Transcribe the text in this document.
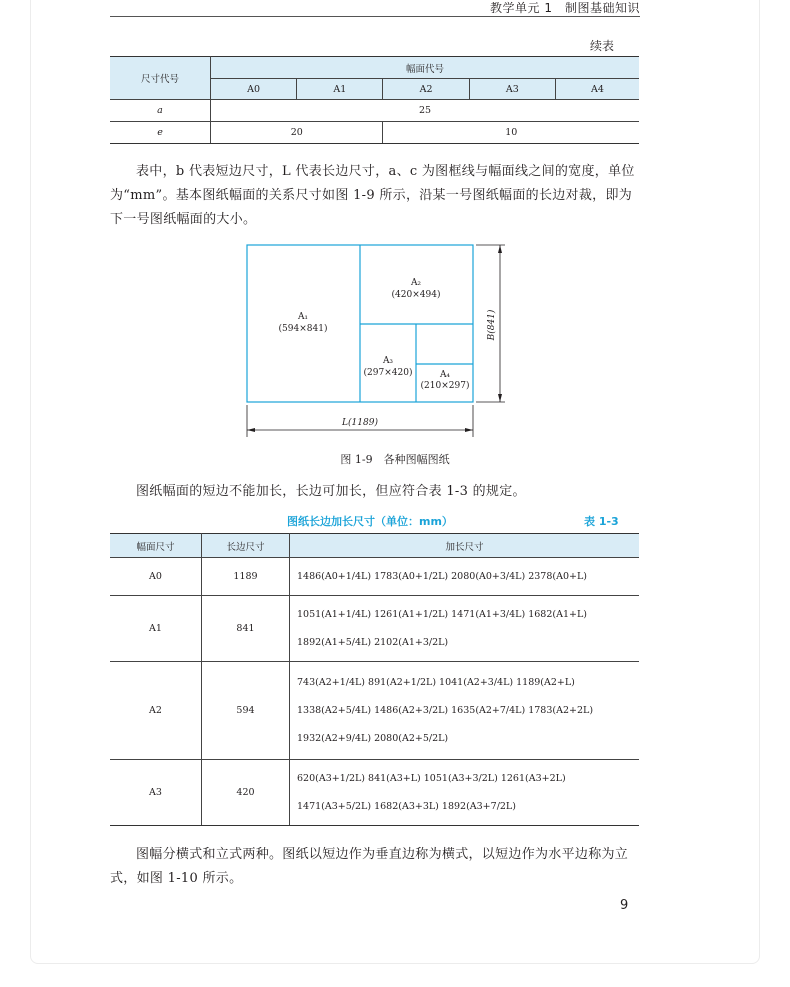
教学单元 1　制图基础知识
续表
尺寸代号	幅面代号				
	A0	A1	A2	A3	A4
a	25				
e	20		10		

表中，b 代表短边尺寸，L 代表长边尺寸，a、c 为图框线与幅面线之间的宽度，单位为“mm”。基本图纸幅面的关系尺寸如图 1-9 所示，沿某一号图纸幅面的长边对裁，即为下一号图纸幅面的大小。

A₁
(594×841)
A₂
(420×494)
A₃
(297×420)	A₄
(210×297)
L(1189)
B(841)
图 1-9　各种图幅图纸

图纸幅面的短边不能加长，长边可加长，但应符合表 1-3 的规定。

图纸长边加长尺寸（单位：mm）	表 1-3
幅面尺寸	长边尺寸	加长尺寸
A0	1189	1486(A0+1/4L) 1783(A0+1/2L) 2080(A0+3/4L) 2378(A0+L)

A1	841	1051(A1+1/4L) 1261(A1+1/2L) 1471(A1+3/4L) 1682(A1+L)
1892(A1+5/4L) 2102(A1+3/2L)

A2	594	743(A2+1/4L) 891(A2+1/2L) 1041(A2+3/4L) 1189(A2+L)
1338(A2+5/4L) 1486(A2+3/2L) 1635(A2+7/4L) 1783(A2+2L)
1932(A2+9/4L) 2080(A2+5/2L)

A3	420	620(A3+1/2L) 841(A3+L) 1051(A3+3/2L) 1261(A3+2L)
1471(A3+5/2L) 1682(A3+3L) 1892(A3+7/2L)

图幅分横式和立式两种。图纸以短边作为垂直边称为横式，以短边作为水平边称为立式，如图 1-10 所示。

9
